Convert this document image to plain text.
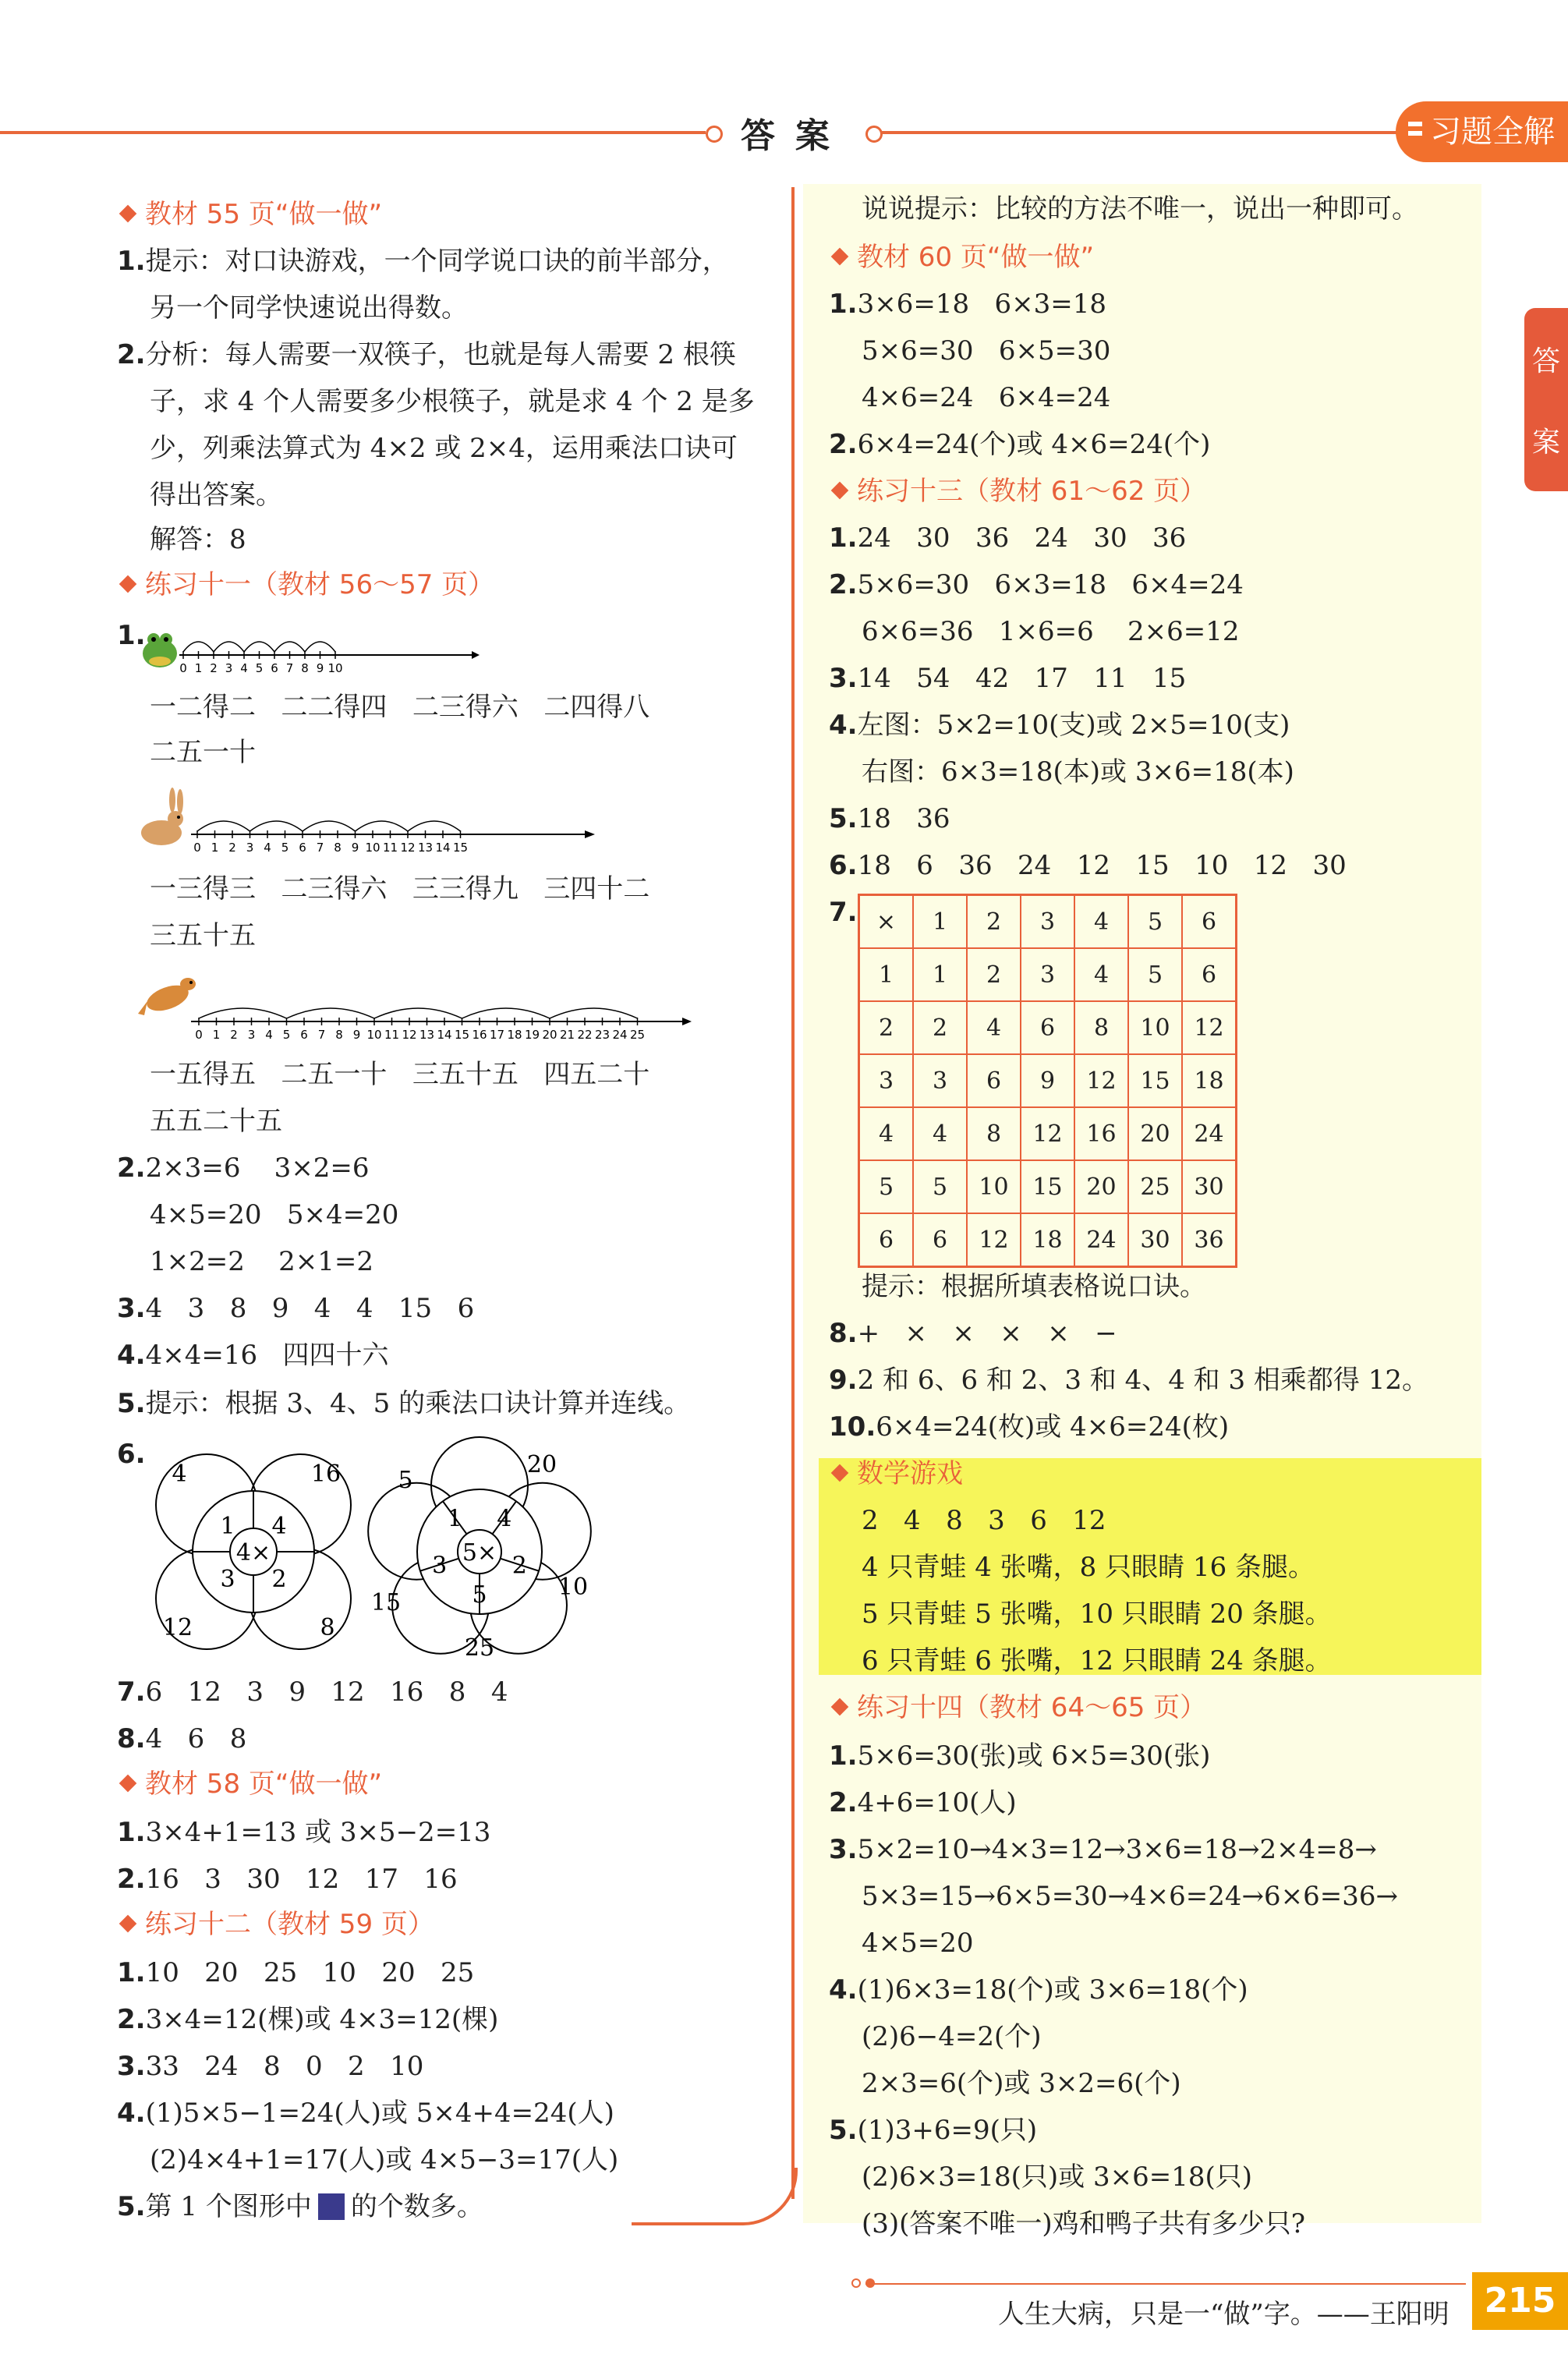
答案	习题全解
答
案
教材 55 页“做一做”
1.提示：对口诀游戏，一个同学说口诀的前半部分，
另一个同学快速说出得数。
2.分析：每人需要一双筷子，也就是每人需要 2 根筷
子，求 4 个人需要多少根筷子，就是求 4 个 2 是多
少，列乘法算式为 4×2 或 2×4，运用乘法口诀可
得出答案。
解答：8
练习十一（教材 56～57 页）
1.
一二得二   二二得四   二三得六   二四得八
二五一十
一三得三   二三得六   三三得九   三四十二
三五十五
一五得五   二五一十   三五十五   四五二十
五五二十五
2.2×3=6    3×2=6
4×5=20   5×4=20
1×2=2    2×1=2
3.4   3   8   9   4   4   15   6
4.4×4=16   四四十六
5.提示：根据 3、4、5 的乘法口诀计算并连线。
6.
7.6   12   3   9   12   16   8   4
8.4   6   8
教材 58 页“做一做”
1.3×4+1=13 或 3×5−2=13
2.16   3   30   12   17   16
练习十二（教材 59 页）
1.10   20   25   10   20   25
2.3×4=12(棵)或 4×3=12(棵)
3.33   24   8   0   2   10
4.(1)5×5−1=24(人)或 5×4+4=24(人)
(2)4×4+1=17(人)或 4×5−3=17(人)
5.第 1 个图形中 的个数多。
说说提示：比较的方法不唯一，说出一种即可。
教材 60 页“做一做”
1.3×6=18   6×3=18
5×6=30   6×5=30
4×6=24   6×4=24
2.6×4=24(个)或 4×6=24(个)
练习十三（教材 61～62 页）
1.24   30   36   24   30   36
2.5×6=30   6×3=18   6×4=24
6×6=36   1×6=6    2×6=12
3.14   54   42   17   11   15
4.左图：5×2=10(支)或 2×5=10(支)
右图：6×3=18(本)或 3×6=18(本)
5.18   36
6.18   6   36   24   12   15   10   12   30
7.
提示：根据所填表格说口诀。
8.+   ×   ×   ×   ×   −
9.2 和 6、6 和 2、3 和 4、4 和 3 相乘都得 12。
10.6×4=24(枚)或 4×6=24(枚)
数学游戏
2   4   8   3   6   12
4 只青蛙 4 张嘴，8 只眼睛 16 条腿。
5 只青蛙 5 张嘴，10 只眼睛 20 条腿。
6 只青蛙 6 张嘴，12 只眼睛 24 条腿。
练习十四（教材 64～65 页）
1.5×6=30(张)或 6×5=30(张)
2.4+6=10(人)
3.5×2=10→4×3=12→3×6=18→2×4=8→
5×3=15→6×5=30→4×6=24→6×6=36→
4×5=20
4.(1)6×3=18(个)或 3×6=18(个)
(2)6−4=2(个)
2×3=6(个)或 3×2=6(个)
5.(1)3+6=9(只)
(2)6×3=18(只)或 3×6=18(只)
(3)(答案不唯一)鸡和鸭子共有多少只?
0 1 2 3 4 5 6 7 8 9 10
0 1 2 3 4 5 6 7 8 9 10 11 12 13 14 15
0 1 2 3 4 5 6 7 8 9 10 11 12 13 14 15 16 17 18 19 20 21 22 23 24 25
4×
1 4
2
3
4	16
8
12
5×
1 4
2
5
3
5
20
10
25
15
×	1	2	3	4	5	6
1	1	2	3	4	5	6
2	2	4	6	8	10	12
3	3	6	9	12	15	18
4	4	8	12	16	20	24
5	5	10	15	20	25	30
6	6	12	18	24	30	36
人生大病，只是一“做”字。——王阳明	215
